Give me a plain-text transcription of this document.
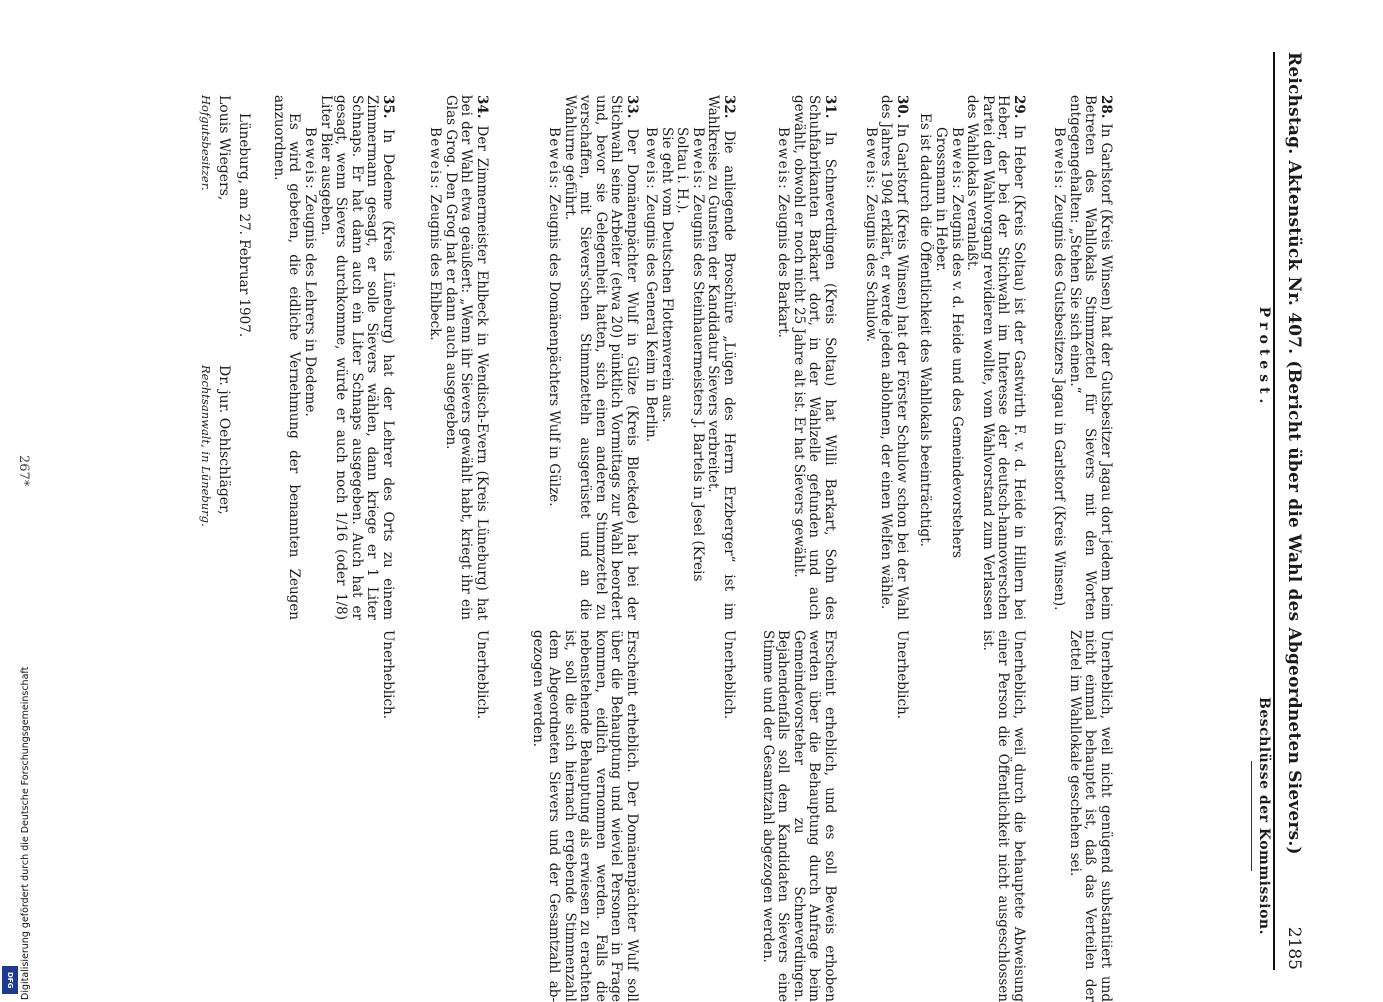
Reichstag. Aktenstück Nr. 407. (Bericht über die Wahl des Abgeordneten Sievers.)
2185
Protest.

28. In Garlstorf (Kreis Winsen) hat der Gutsbesitzer Jagau dort jedem beim Betreten des Wahllokals Stimmzettel für Sievers mit den Worten entgegengehalten: „Stehen Sie sich einen.“

Beweis: Zeugnis des Gutsbesitzers Jagau in Garlstorf (Kreis Winsen).

29. In Heber (Kreis Soltau) ist der Gastwirth F. v. d. Heide in Hillern bei Heber, der bei der Stichwahl im Interesse der deutsch-hannoverschen Partei den Wahlvorgang revidieren wollte, vom Wahlvorstand zum Verlassen des Wahllokals veranlaßt.

Beweis: Zeugnis des v. d. Heide und des Gemeindevorstehers Grossmann in Heber.

Es ist dadurch die Öffentlichkeit des Wahllokals beeinträchtigt.

30. In Garlstorf (Kreis Winsen) hat der Förster Schulow schon bei der Wahl des Jahres 1904 erklärt, er werde jeden ablohnen, der einen Welfen wähle.

Beweis: Zeugnis des Schulow.

31. In Schneverdingen (Kreis Soltau) hat Willi Barkart, Sohn des Schuhfabrikanten Barkart dort, in der Wahlzelle gefunden und auch gewählt, obwohl er noch nicht 25 Jahre alt ist. Er hat Sievers gewählt.

Beweis: Zeugnis des Barkart.

32. Die anliegende Broschüre „Lügen des Herrn Erzberger“ ist im Wahlkreise zu Gunsten der Kandidatur Sievers verbreitet.

Beweis: Zeugnis des Steinhauermeisters J. Bartels in Jesel (Kreis Soltau i. H.).

Sie geht vom Deutschen Flottenverein aus.

Beweis: Zeugnis des General Keim in Berlin.

33. Der Domänenpächter Wulf in Gülze (Kreis Bleckede) hat bei der Stichwahl seine Arbeiter (etwa 20) pünktlich Vormittags zur Wahl beordert und, bevor sie Gelegenheit hatten, sich einen anderen Stimmzettel zu verschaffen, mit Sievers'schen Stimmzetteln ausgerüstet und an die Wahlurne geführt.

Beweis: Zeugnis des Domänenpächters Wulf in Gülze.

34. Der Zimmermeister Ehlbeck in Wendisch-Evern (Kreis Lüneburg) hat bei der Wahl etwa geäußert: „Wenn ihr Sievers gewählt habt, kriegt ihr ein Glas Grog. Den Grog hat er dann auch ausgegeben.

Beweis: Zeugnis des Ehlbeck.

35. In Dedeme (Kreis Lüneburg) hat der Lehrer des Orts zu einem Zimmermann gesagt, er solle Sievers wählen, dann kriege er 1 Liter Schnaps. Er hat dann auch ein Liter Schnaps ausgegeben. Auch hat er gesagt, wenn Sievers durchkomme, würde er auch noch 1/16 (oder 1/8) Liter Bier ausgeben.

Beweis: Zeugnis des Lehrers in Dedeme.

Es wird gebeten, die eidliche Vernehmung der benannten Zeugen anzuordnen.

Lüneburg, am 27. Februar 1907.

Louis Wiegers,
Hofgutsbesitzer.
Dr. jur. Oehlschläger,
Rechtsanwalt, in Lüneburg.
Beschlüsse der Kommission.
Unerheblich, weil nicht genügend substantiiert und nicht einmal behauptet ist, daß das Verteilen der Zettel im Wahllokale geschehen sei.
Unerheblich, weil durch die behauptete Abweisung einer Person die Öffentlichkeit nicht ausgeschlossen ist.
Unerheblich.
Erscheint erheblich, und es soll Beweis erhoben werden über die Behauptung durch Anfrage beim Gemeindevorsteher zu Schneverdingen. Bejahendenfalls soll dem Kandidaten Sievers eine Stimme und der Gesamtzahl abgezogen werden.
Unerheblich.
Erscheint erheblich. Der Domänenpächter Wulf soll über die Behauptung und wieviel Personen in Frage kommen, eidlich vernommen werden. Falls die nebenstehende Behauptung als erwiesen zu erachten ist, soll die sich hiernach ergebende Stimmenzahl dem Abgeordneten Sievers und der Gesamtzahl abgezogen werden.
Unerheblich.
Unerheblich.
267*
Digitalisierung gefördert durch die Deutsche Forschungsgemeinschaft
DFG
